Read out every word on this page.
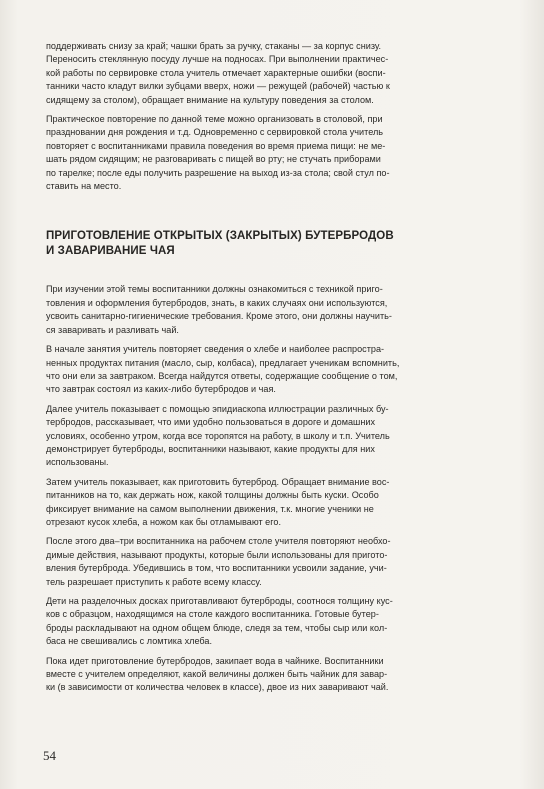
поддерживать снизу за край; чашки брать за ручку, стаканы — за корпус снизу.
Переносить стеклянную посуду лучше на подносах. При выполнении практичес-
кой работы по сервировке стола учитель отмечает характерные ошибки (воспи-
танники часто кладут вилки зубцами вверх, ножи — режущей (рабочей) частью к
сидящему за столом), обращает внимание на культуру поведения за столом.

Практическое повторение по данной теме можно организовать в столовой, при
праздновании дня рождения и т.д. Одновременно с сервировкой стола учитель
повторяет с воспитанниками правила поведения во время приема пищи: не ме-
шать рядом сидящим; не разговаривать с пищей во рту; не стучать приборами
по тарелке; после еды получить разрешение на выход из-за стола; свой стул по-
ставить на место.

ПРИГОТОВЛЕНИЕ ОТКРЫТЫХ (ЗАКРЫТЫХ) БУТЕРБРОДОВ
И ЗАВАРИВАНИЕ ЧАЯ

При изучении этой темы воспитанники должны ознакомиться с техникой приго-
товления и оформления бутербродов, знать, в каких случаях они используются,
усвоить санитарно-гигиенические требования. Кроме этого, они должны научить-
ся заваривать и разливать чай.

В начале занятия учитель повторяет сведения о хлебе и наиболее распростра-
ненных продуктах питания (масло, сыр, колбаса), предлагает ученикам вспомнить,
что они ели за завтраком. Всегда найдутся ответы, содержащие сообщение о том,
что завтрак состоял из каких-либо бутербродов и чая.

Далее учитель показывает с помощью эпидиаскопа иллюстрации различных бу-
тербродов, рассказывает, что ими удобно пользоваться в дороге и домашних
условиях, особенно утром, когда все торопятся на работу, в школу и т.п. Учитель
демонстрирует бутерброды, воспитанники называют, какие продукты для них
использованы.

Затем учитель показывает, как приготовить бутерброд. Обращает внимание вос-
питанников на то, как держать нож, какой толщины должны быть куски. Особо
фиксирует внимание на самом выполнении движения, т.к. многие ученики не
отрезают кусок хлеба, а ножом как бы отламывают его.

После этого два–три воспитанника на рабочем столе учителя повторяют необхо-
димые действия, называют продукты, которые были использованы для пригото-
вления бутерброда. Убедившись в том, что воспитанники усвоили задание, учи-
тель разрешает приступить к работе всему классу.

Дети на разделочных досках приготавливают бутерброды, соотнося толщину кус-
ков с образцом, находящимся на столе каждого воспитанника. Готовые бутер-
броды раскладывают на одном общем блюде, следя за тем, чтобы сыр или кол-
баса не свешивались с ломтика хлеба.

Пока идет приготовление бутербродов, закипает вода в чайнике. Воспитанники
вместе с учителем определяют, какой величины должен быть чайник для завар-
ки (в зависимости от количества человек в классе), двое из них заваривают чай.

54
